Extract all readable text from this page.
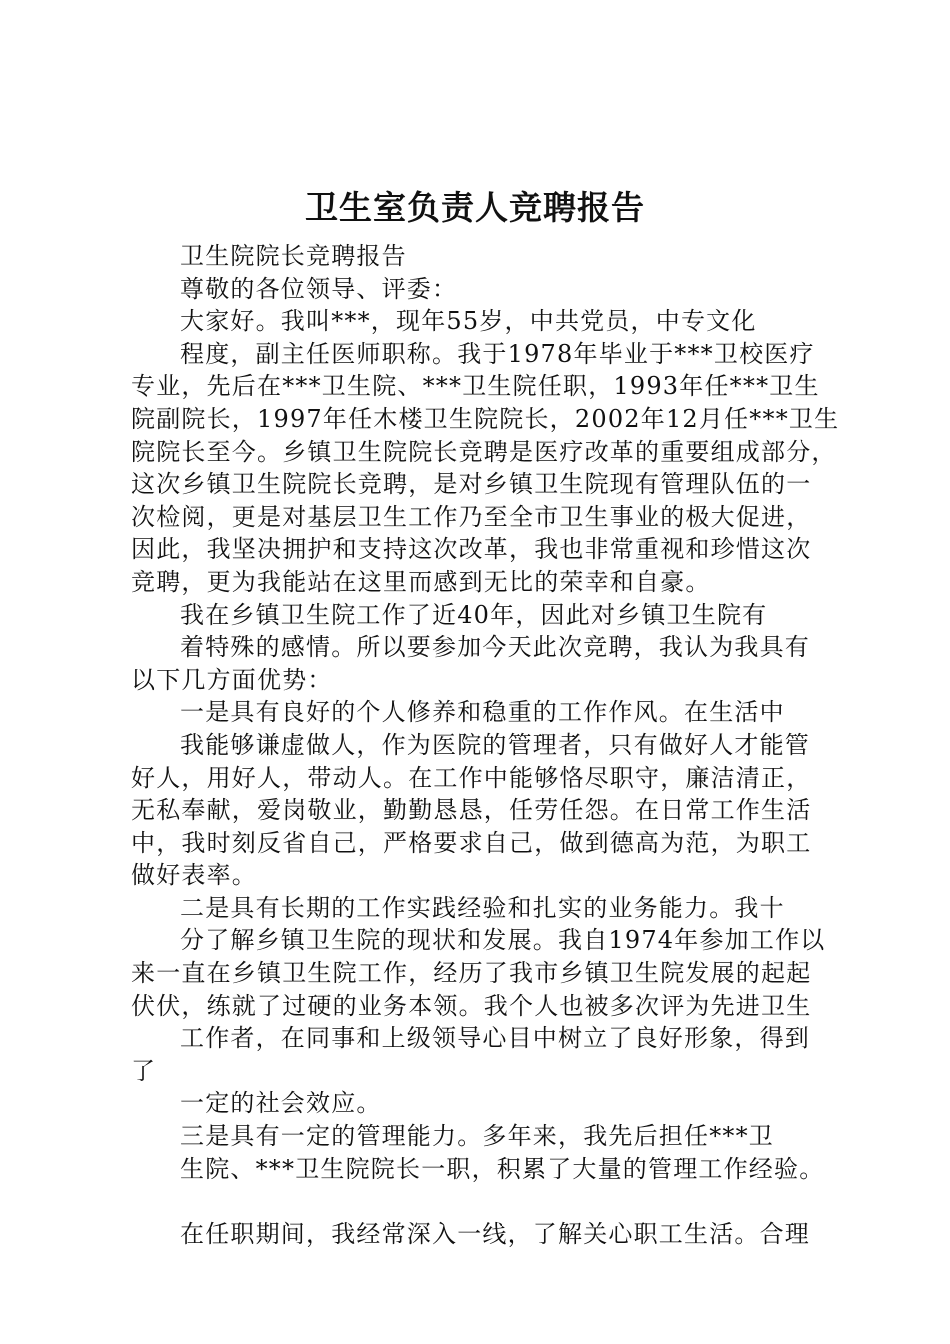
卫生室负责人竞聘报告
卫生院院长竞聘报告
尊敬的各位领导、评委：
大家好。我叫***，现年55岁，中共党员，中专文化
程度，副主任医师职称。我于1978年毕业于***卫校医疗
专业，先后在***卫生院、***卫生院任职，1993年任***卫生
院副院长，1997年任木楼卫生院院长，2002年12月任***卫生
院院长至今。乡镇卫生院院长竞聘是医疗改革的重要组成部分，
这次乡镇卫生院院长竞聘，是对乡镇卫生院现有管理队伍的一
次检阅，更是对基层卫生工作乃至全市卫生事业的极大促进，
因此，我坚决拥护和支持这次改革，我也非常重视和珍惜这次
竞聘，更为我能站在这里而感到无比的荣幸和自豪。
我在乡镇卫生院工作了近40年，因此对乡镇卫生院有
着特殊的感情。所以要参加今天此次竞聘，我认为我具有
以下几方面优势：
一是具有良好的个人修养和稳重的工作作风。在生活中
我能够谦虚做人，作为医院的管理者，只有做好人才能管
好人，用好人，带动人。在工作中能够恪尽职守，廉洁清正，
无私奉献，爱岗敬业，勤勤恳恳，任劳任怨。在日常工作生活
中，我时刻反省自己，严格要求自己，做到德高为范，为职工
做好表率。
二是具有长期的工作实践经验和扎实的业务能力。我十
分了解乡镇卫生院的现状和发展。我自1974年参加工作以
来一直在乡镇卫生院工作，经历了我市乡镇卫生院发展的起起
伏伏，练就了过硬的业务本领。我个人也被多次评为先进卫生
工作者，在同事和上级领导心目中树立了良好形象，得到
了
一定的社会效应。
三是具有一定的管理能力。多年来，我先后担任***卫
生院、***卫生院院长一职，积累了大量的管理工作经验。
在任职期间，我经常深入一线，了解关心职工生活。合理
